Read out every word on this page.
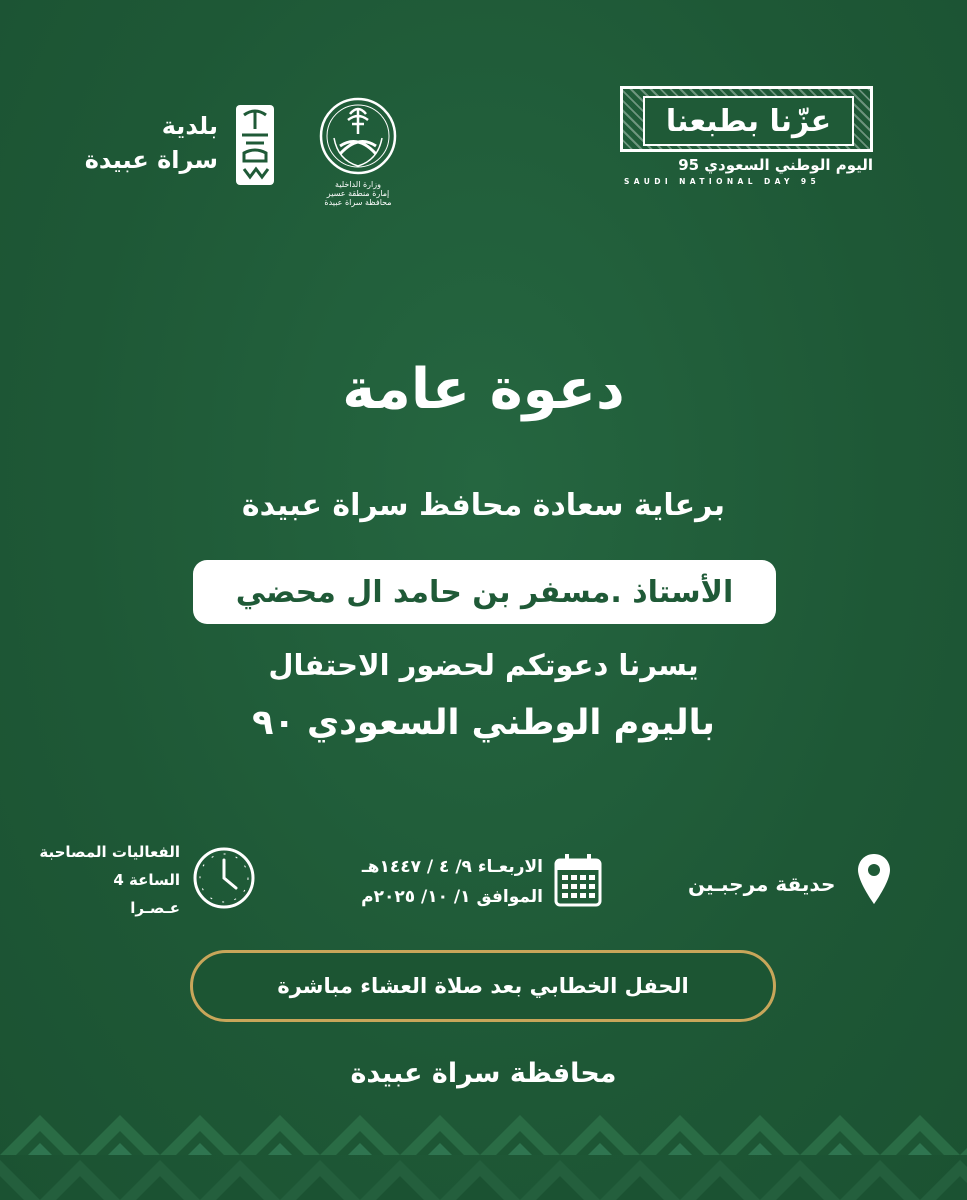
عزّنا بطبعنا
اليوم الوطني السعودي 95
SAUDI NATIONAL DAY 95
وزارة الداخلية
إمارة منطقة عسير
محافظة سراة عبيدة
بلدية
سراة عبيدة
دعوة عامة
برعاية سعادة محافظ سراة عبيدة
الأستاذ .مسفر بن حامد ال محضي
يسرنا دعوتكم لحضور الاحتفال
باليوم الوطني السعودي ٩٠
الفعاليات المصاحبة
الساعة 4
عـصـرا
الاربعـاء ٩/ ٤ / ١٤٤٧هـ
الموافق ١/ ١٠/ ٢٠٢٥م
حديقة مرجبـين
الحفل الخطابي بعد صلاة العشاء مباشرة
محافظة سراة عبيدة
